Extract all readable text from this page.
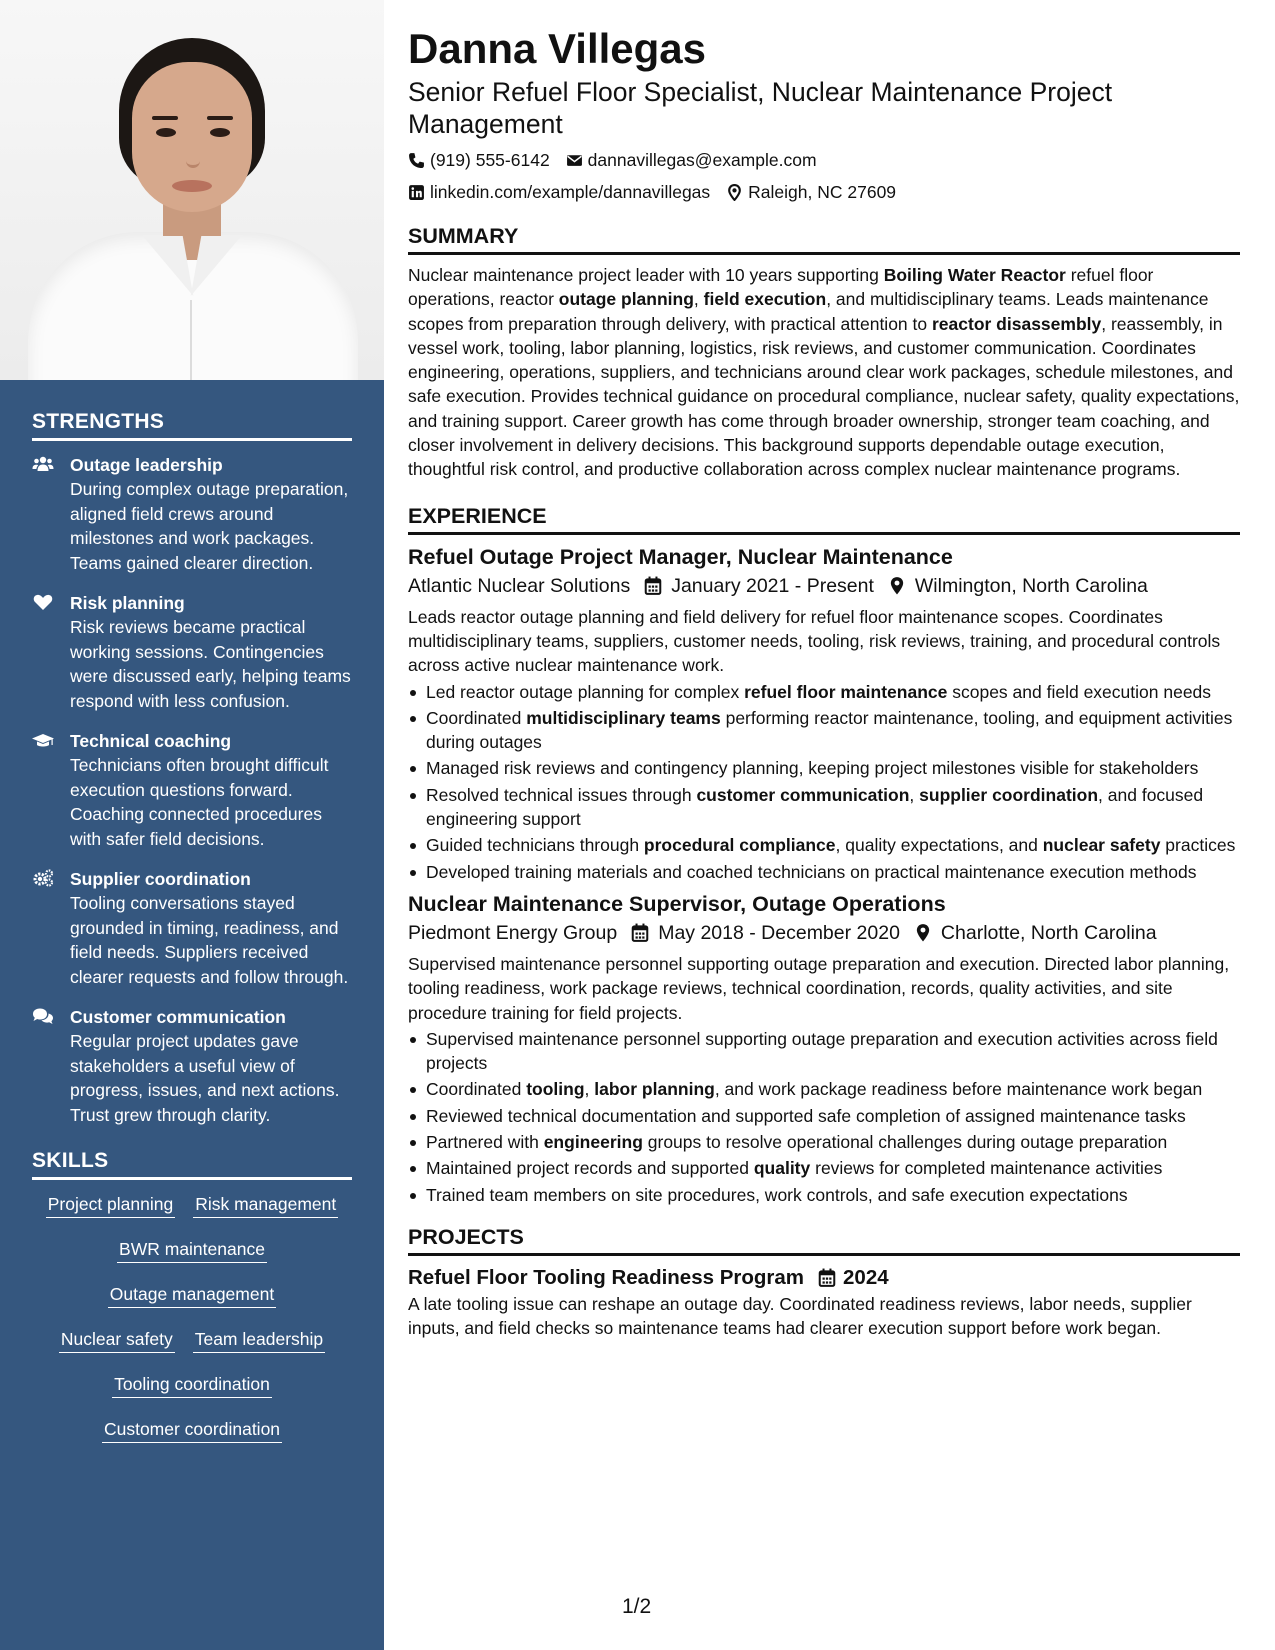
STRENGTHS
Outage leadership
During complex outage preparation, aligned field crews around milestones and work packages. Teams gained clearer direction.
Risk planning
Risk reviews became practical working sessions. Contingencies were discussed early, helping teams respond with less confusion.
Technical coaching
Technicians often brought difficult execution questions forward. Coaching connected procedures with safer field decisions.
Supplier coordination
Tooling conversations stayed grounded in timing, readiness, and field needs. Suppliers received clearer requests and follow through.
Customer communication
Regular project updates gave stakeholders a useful view of progress, issues, and next actions. Trust grew through clarity.
SKILLS
Project planning Risk management
BWR maintenance
Outage management
Nuclear safety Team leadership
Tooling coordination
Customer coordination
Danna Villegas
Senior Refuel Floor Specialist, Nuclear Maintenance Project Management
(919) 555-6142 dannavillegas@example.com
linkedin.com/example/dannavillegas Raleigh, NC 27609
SUMMARY

Nuclear maintenance project leader with 10 years supporting Boiling Water Reactor refuel floor operations, reactor outage planning, field execution, and multidisciplinary teams. Leads maintenance scopes from preparation through delivery, with practical attention to reactor disassembly, reassembly, in vessel work, tooling, labor planning, logistics, risk reviews, and customer communication. Coordinates engineering, operations, suppliers, and technicians around clear work packages, schedule milestones, and safe execution. Provides technical guidance on procedural compliance, nuclear safety, quality expectations, and training support. Career growth has come through broader ownership, stronger team coaching, and closer involvement in delivery decisions. This background supports dependable outage execution, thoughtful risk control, and productive collaboration across complex nuclear maintenance programs.

EXPERIENCE
Refuel Outage Project Manager, Nuclear Maintenance
Atlantic Nuclear Solutions January 2021 - Present Wilmington, North Carolina

Leads reactor outage planning and field delivery for refuel floor maintenance scopes. Coordinates multidisciplinary teams, suppliers, customer needs, tooling, risk reviews, training, and procedural controls across active nuclear maintenance work.

Led reactor outage planning for complex refuel floor maintenance scopes and field execution needs
Coordinated multidisciplinary teams performing reactor maintenance, tooling, and equipment activities during outages
Managed risk reviews and contingency planning, keeping project milestones visible for stakeholders
Resolved technical issues through customer communication, supplier coordination, and focused engineering support
Guided technicians through procedural compliance, quality expectations, and nuclear safety practices
Developed training materials and coached technicians on practical maintenance execution methods
Nuclear Maintenance Supervisor, Outage Operations
Piedmont Energy Group May 2018 - December 2020 Charlotte, North Carolina

Supervised maintenance personnel supporting outage preparation and execution. Directed labor planning, tooling readiness, work package reviews, technical coordination, records, quality activities, and site procedure training for field projects.

Supervised maintenance personnel supporting outage preparation and execution activities across field projects
Coordinated tooling, labor planning, and work package readiness before maintenance work began
Reviewed technical documentation and supported safe completion of assigned maintenance tasks
Partnered with engineering groups to resolve operational challenges during outage preparation
Maintained project records and supported quality reviews for completed maintenance activities
Trained team members on site procedures, work controls, and safe execution expectations
PROJECTS
Refuel Floor Tooling Readiness Program 2024

A late tooling issue can reshape an outage day. Coordinated readiness reviews, labor needs, supplier inputs, and field checks so maintenance teams had clearer execution support before work began.

1/2
